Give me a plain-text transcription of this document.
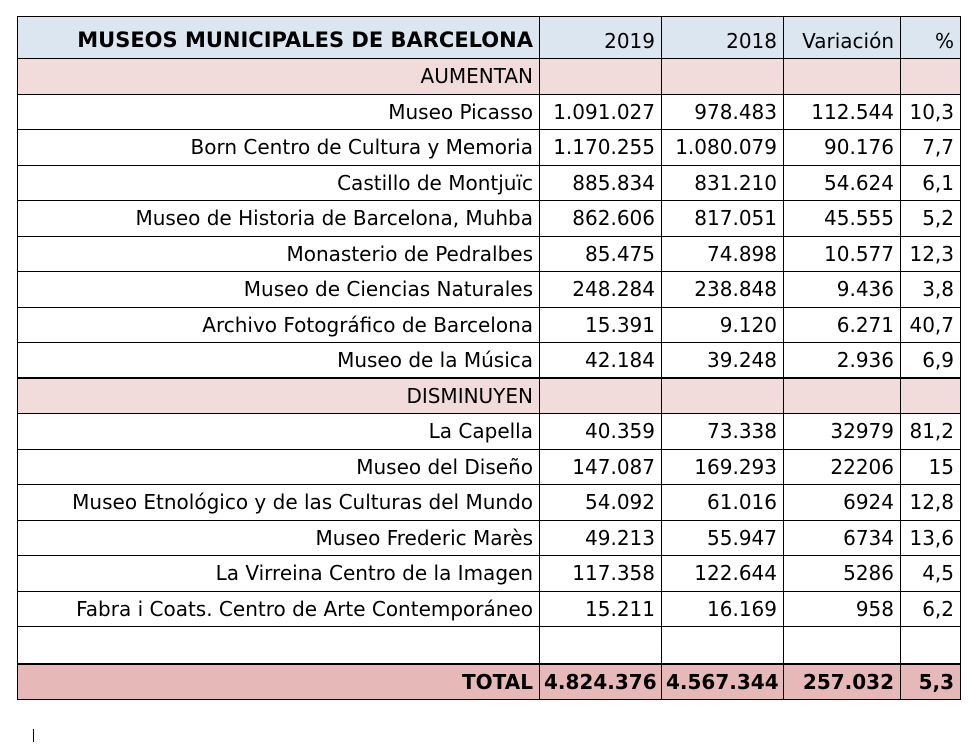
MUSEOS MUNICIPALES DE BARCELONA	2019	2018	Variación	%
AUMENTAN				
Museo Picasso	1.091.027	978.483	112.544	10,3
Born Centro de Cultura y Memoria	1.170.255	1.080.079	90.176	7,7
Castillo de Montjuïc	885.834	831.210	54.624	6,1
Museo de Historia de Barcelona, Muhba	862.606	817.051	45.555	5,2
Monasterio de Pedralbes	85.475	74.898	10.577	12,3
Museo de Ciencias Naturales	248.284	238.848	9.436	3,8
Archivo Fotográfico de Barcelona	15.391	9.120	6.271	40,7
Museo de la Música	42.184	39.248	2.936	6,9
DISMINUYEN				
La Capella	40.359	73.338	32979	81,2
Museo del Diseño	147.087	169.293	22206	15
Museo Etnológico y de las Culturas del Mundo	54.092	61.016	6924	12,8
Museo Frederic Marès	49.213	55.947	6734	13,6
La Virreina Centro de la Imagen	117.358	122.644	5286	4,5
Fabra i Coats. Centro de Arte Contemporáneo	15.211	16.169	958	6,2

TOTAL	4.824.376	4.567.344	257.032	5,3
